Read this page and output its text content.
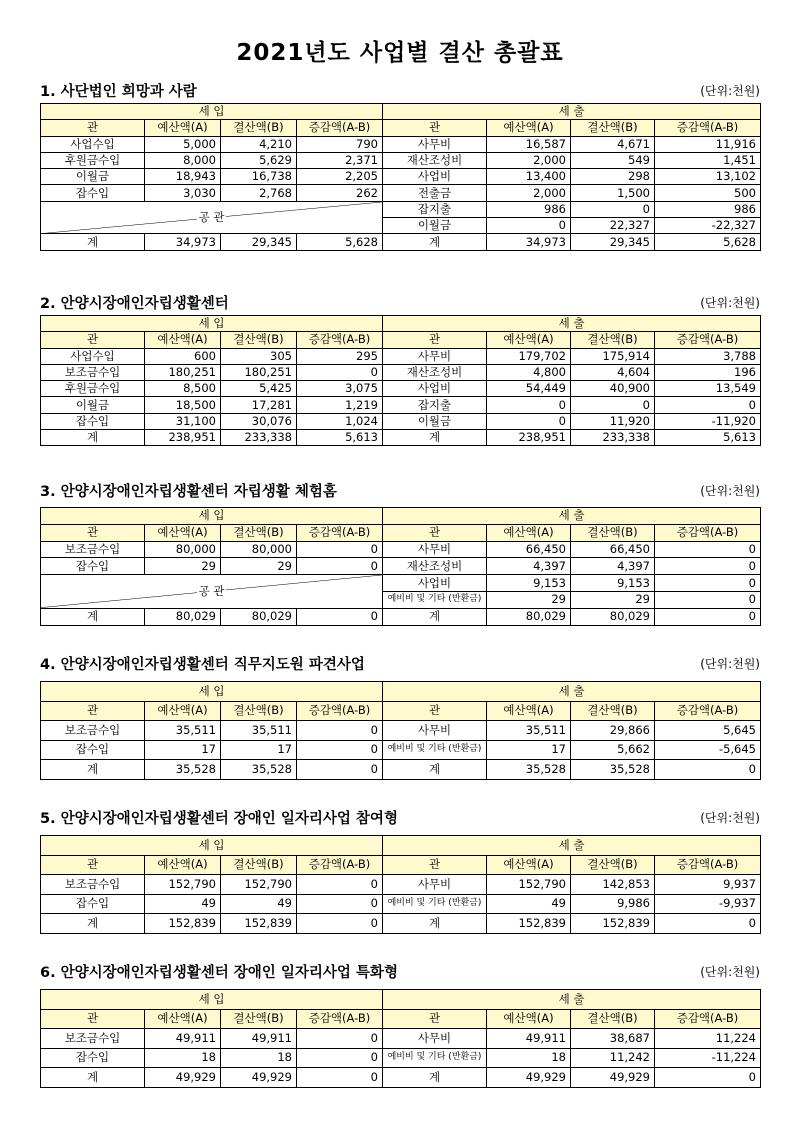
2021년도 사업별 결산 총괄표
1. 사단법인 희망과 사람	(단위:천원)
세 입				세 출			
관	예산액(A)	결산액(B)	증감액(A-B)	관	예산액(A)	결산액(B)	증감액(A-B)
사업수입	5,000	4,210	790	사무비	16,587	4,671	11,916
후원금수입	8,000	5,629	2,371	재산조성비	2,000	549	1,451
이월금	18,943	16,738	2,205	사업비	13,400	298	13,102
잡수입	3,030	2,768	262	전출금	2,000	1,500	500

공 관				잡지출	986	0	986
				이월금	0	22,327	-22,327
계	34,973	29,345	5,628	계	34,973	29,345	5,628
2. 안양시장애인자립생활센터	(단위:천원)
세 입				세 출			
관	예산액(A)	결산액(B)	증감액(A-B)	관	예산액(A)	결산액(B)	증감액(A-B)
사업수입	600	305	295	사무비	179,702	175,914	3,788
보조금수입	180,251	180,251	0	재산조성비	4,800	4,604	196
후원금수입	8,500	5,425	3,075	사업비	54,449	40,900	13,549
이월금	18,500	17,281	1,219	잡지출	0	0	0
잡수입	31,100	30,076	1,024	이월금	0	11,920	-11,920
계	238,951	233,338	5,613	계	238,951	233,338	5,613
3. 안양시장애인자립생활센터 자립생활 체험홈	(단위:천원)
세 입				세 출			
관	예산액(A)	결산액(B)	증감액(A-B)	관	예산액(A)	결산액(B)	증감액(A-B)
보조금수입	80,000	80,000	0	사무비	66,450	66,450	0
잡수입	29	29	0	재산조성비	4,397	4,397	0

공 관				사업비	9,153	9,153	0
				예비비 및 기타 (반환금)	29	29	0
계	80,029	80,029	0	계	80,029	80,029	0
4. 안양시장애인자립생활센터 직무지도원 파견사업	(단위:천원)
세 입				세 출			
관	예산액(A)	결산액(B)	증감액(A-B)	관	예산액(A)	결산액(B)	증감액(A-B)
보조금수입	35,511	35,511	0	사무비	35,511	29,866	5,645
잡수입	17	17	0	예비비 및 기타 (반환금)	17	5,662	-5,645
계	35,528	35,528	0	계	35,528	35,528	0
5. 안양시장애인자립생활센터 장애인 일자리사업 참여형	(단위:천원)
세 입				세 출			
관	예산액(A)	결산액(B)	증감액(A-B)	관	예산액(A)	결산액(B)	증감액(A-B)
보조금수입	152,790	152,790	0	사무비	152,790	142,853	9,937
잡수입	49	49	0	예비비 및 기타 (반환금)	49	9,986	-9,937
계	152,839	152,839	0	계	152,839	152,839	0
6. 안양시장애인자립생활센터 장애인 일자리사업 특화형	(단위:천원)
세 입				세 출			
관	예산액(A)	결산액(B)	증감액(A-B)	관	예산액(A)	결산액(B)	증감액(A-B)
보조금수입	49,911	49,911	0	사무비	49,911	38,687	11,224
잡수입	18	18	0	예비비 및 기타 (반환금)	18	11,242	-11,224
계	49,929	49,929	0	계	49,929	49,929	0
